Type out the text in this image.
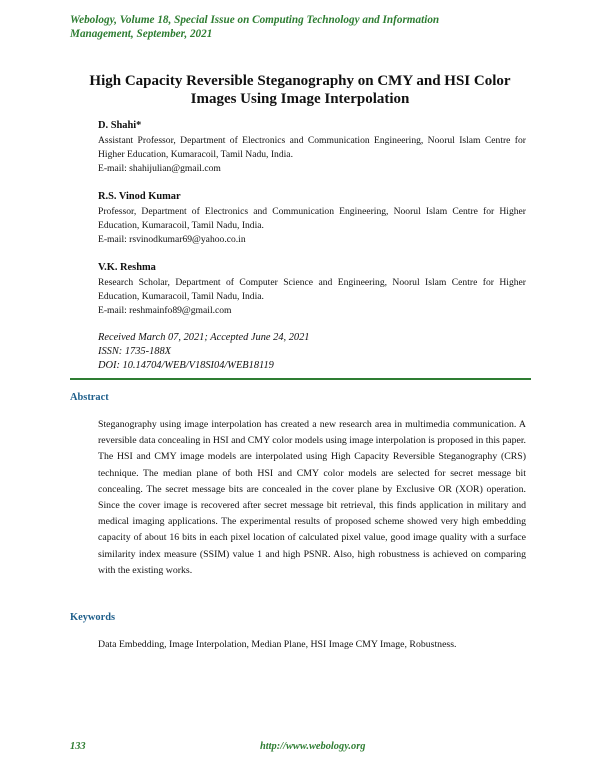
Webology, Volume 18, Special Issue on Computing Technology and Information
Management, September, 2021
High Capacity Reversible Steganography on CMY and HSI Color
Images Using Image Interpolation
D. Shahi*
Assistant Professor, Department of Electronics and Communication Engineering, Noorul Islam Centre for Higher Education, Kumaracoil, Tamil Nadu, India.
E-mail: shahijulian@gmail.com
R.S. Vinod Kumar
Professor, Department of Electronics and Communication Engineering, Noorul Islam Centre for Higher Education, Kumaracoil, Tamil Nadu, India.
E-mail: rsvinodkumar69@yahoo.co.in
V.K. Reshma
Research Scholar, Department of Computer Science and Engineering, Noorul Islam Centre for Higher Education, Kumaracoil, Tamil Nadu, India.
E-mail: reshmainfo89@gmail.com
Received March 07, 2021; Accepted June 24, 2021
ISSN: 1735-188X
DOI: 10.14704/WEB/V18SI04/WEB18119
Abstract
Steganography using image interpolation has created a new research area in multimedia communication. A reversible data concealing in HSI and CMY color models using image interpolation is proposed in this paper. The HSI and CMY image models are interpolated using High Capacity Reversible Steganography (CRS) technique. The median plane of both HSI and CMY color models are selected for secret message bit concealing. The secret message bits are concealed in the cover plane by Exclusive OR (XOR) operation. Since the cover image is recovered after secret message bit retrieval, this finds application in military and medical imaging applications. The experimental results of proposed scheme showed very high embedding capacity of about 16 bits in each pixel location of calculated pixel value, good image quality with a surface similarity index measure (SSIM) value 1 and high PSNR. Also, high robustness is achieved on comparing with the existing works.
Keywords
Data Embedding, Image Interpolation, Median Plane, HSI Image CMY Image, Robustness.
133	http://www.webology.org
